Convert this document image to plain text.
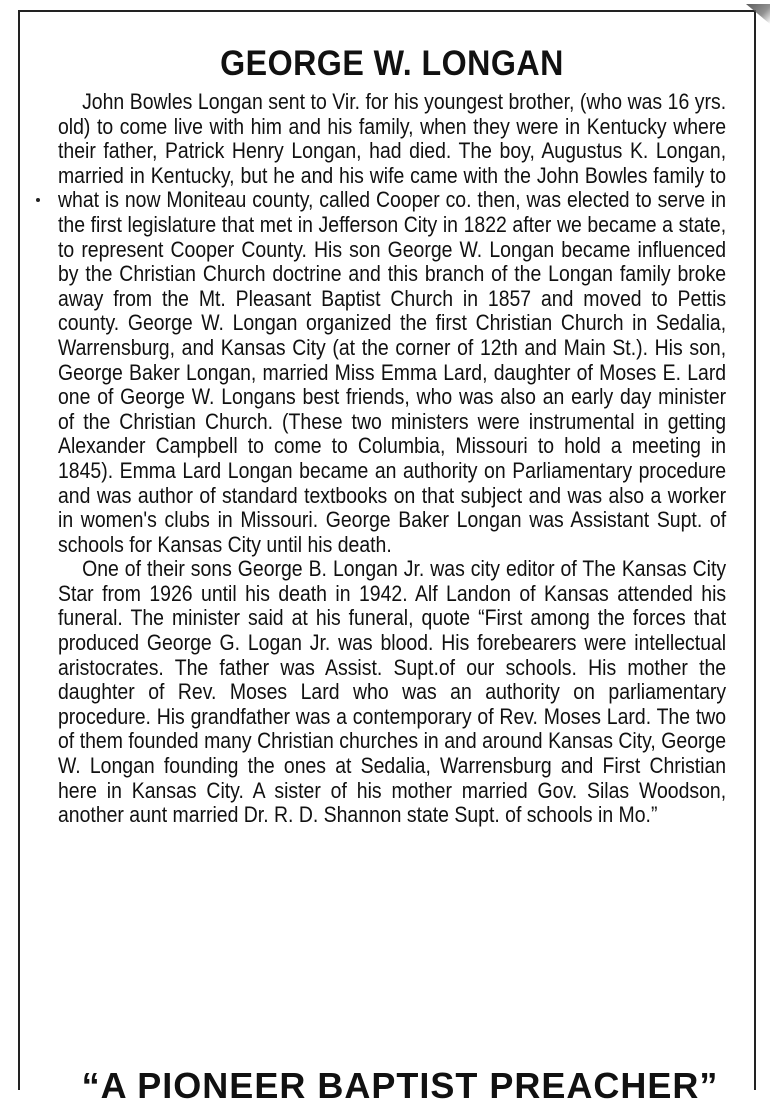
GEORGE W. LONGAN

John Bowles Longan sent to Vir. for his youngest brother, (who was 16 yrs. old) to come live with him and his family, when they were in Kentucky where their father, Patrick Henry Longan, had died. The boy, Augustus K. Longan, married in Kentucky, but he and his wife came with the John Bowles family to what is now Moniteau county, called Cooper co. then, was elected to serve in the first legislature that met in Jefferson City in 1822 after we became a state, to represent Cooper County. His son George W. Longan became influenced by the Christian Church doctrine and this branch of the Longan family broke away from the Mt. Pleasant Baptist Church in 1857 and moved to Pettis county. George W. Longan organized the first Christian Church in Sedalia, Warrensburg, and Kansas City (at the corner of 12th and Main St.). His son, George Baker Longan, married Miss Emma Lard, daughter of Moses E. Lard one of George W. Longans best friends, who was also an early day minister of the Christian Church. (These two ministers were instrumental in getting Alexander Campbell to come to Columbia, Missouri to hold a meeting in 1845). Emma Lard Longan became an authority on Parliamentary procedure and was author of standard textbooks on that subject and was also a worker in women's clubs in Missouri. George Baker Longan was Assistant Supt. of schools for Kansas City until his death.

One of their sons George B. Longan Jr. was city editor of The Kansas City Star from 1926 until his death in 1942. Alf Landon of Kansas attended his funeral. The minister said at his funeral, quote “First among the forces that produced George G. Logan Jr. was blood. His forebearers were intellectual aristocrates. The father was Assist. Supt.of our schools. His mother the daughter of Rev. Moses Lard who was an authority on parliamentary procedure. His grandfather was a contemporary of Rev. Moses Lard. The two of them founded many Christian churches in and around Kansas City, George W. Longan founding the ones at Sedalia, Warrensburg and First Christian here in Kansas City. A sister of his mother married Gov. Silas Woodson, another aunt married Dr. R. D. Shannon state Supt. of schools in Mo.”

“A PIONEER BAPTIST PREACHER”
